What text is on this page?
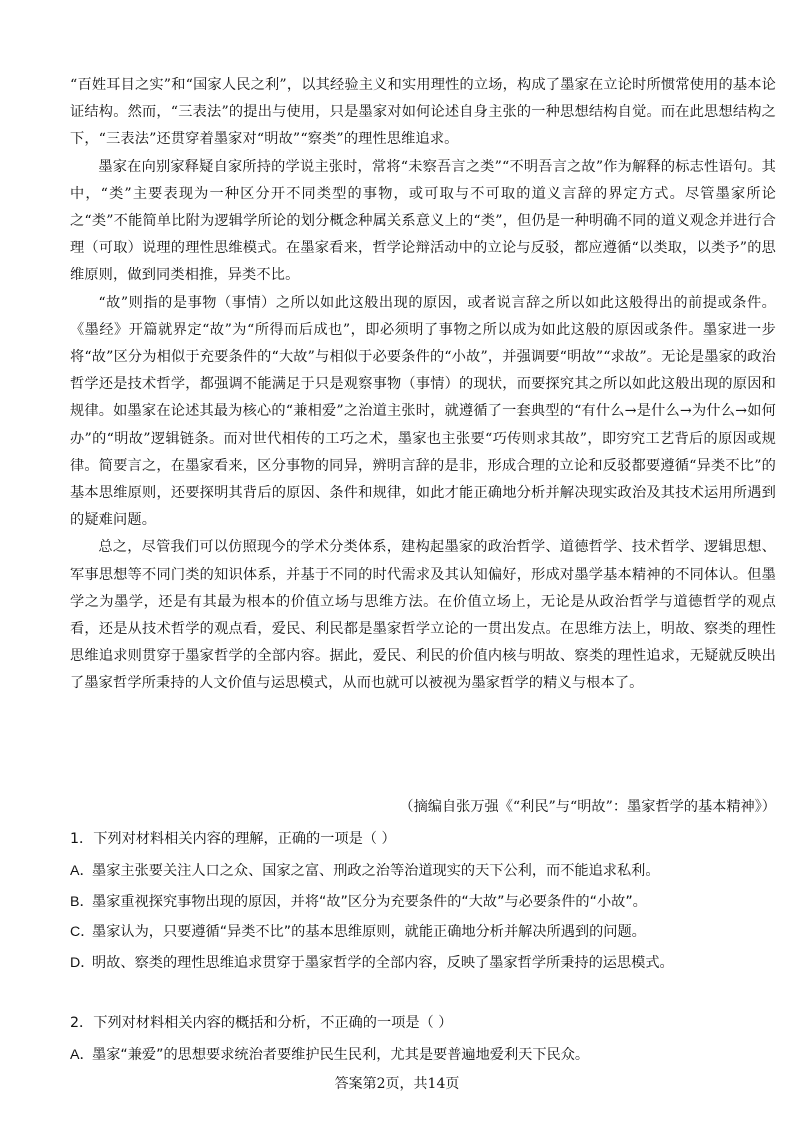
“百姓耳目之实”和“国家人民之利”，以其经验主义和实用理性的立场，构成了墨家在立论时所惯常使用的基本论证结构。然而，“三表法”的提出与使用，只是墨家对如何论述自身主张的一种思想结构自觉。而在此思想结构之下，“三表法”还贯穿着墨家对“明故”“察类”的理性思维追求。

墨家在向别家释疑自家所持的学说主张时，常将“未察吾言之类”“不明吾言之故”作为解释的标志性语句。其中，“类”主要表现为一种区分开不同类型的事物，或可取与不可取的道义言辞的界定方式。尽管墨家所论之“类”不能简单比附为逻辑学所论的划分概念种属关系意义上的“类”，但仍是一种明确不同的道义观念并进行合理（可取）说理的理性思维模式。在墨家看来，哲学论辩活动中的立论与反驳，都应遵循“以类取，以类予”的思维原则，做到同类相推，异类不比。

“故”则指的是事物（事情）之所以如此这般出现的原因，或者说言辞之所以如此这般得出的前提或条件。《墨经》开篇就界定“故”为“所得而后成也”，即必须明了事物之所以成为如此这般的原因或条件。墨家进一步将“故”区分为相似于充要条件的“大故”与相似于必要条件的“小故”，并强调要“明故”“求故”。无论是墨家的政治哲学还是技术哲学，都强调不能满足于只是观察事物（事情）的现状，而要探究其之所以如此这般出现的原因和规律。如墨家在论述其最为核心的“兼相爱”之治道主张时，就遵循了一套典型的“有什么→是什么→为什么→如何办”的“明故”逻辑链条。而对世代相传的工巧之术，墨家也主张要“巧传则求其故”，即穷究工艺背后的原因或规律。简要言之，在墨家看来，区分事物的同异，辨明言辞的是非，形成合理的立论和反驳都要遵循“异类不比”的基本思维原则，还要探明其背后的原因、条件和规律，如此才能正确地分析并解决现实政治及其技术运用所遇到的疑难问题。

总之，尽管我们可以仿照现今的学术分类体系，建构起墨家的政治哲学、道德哲学、技术哲学、逻辑思想、军事思想等不同门类的知识体系，并基于不同的时代需求及其认知偏好，形成对墨学基本精神的不同体认。但墨学之为墨学，还是有其最为根本的价值立场与思维方法。在价值立场上，无论是从政治哲学与道德哲学的观点看，还是从技术哲学的观点看，爱民、利民都是墨家哲学立论的一贯出发点。在思维方法上，明故、察类的理性思维追求则贯穿于墨家哲学的全部内容。据此，爱民、利民的价值内核与明故、察类的理性追求，无疑就反映出了墨家哲学所秉持的人文价值与运思模式，从而也就可以被视为墨家哲学的精义与根本了。

（摘编自张万强《“利民”与“明故”：墨家哲学的基本精神》）

1．下列对材料相关内容的理解，正确的一项是（ ）

A．墨家主张要关注人口之众、国家之富、刑政之治等治道现实的天下公利，而不能追求私利。

B．墨家重视探究事物出现的原因，并将“故”区分为充要条件的“大故”与必要条件的“小故”。

C．墨家认为，只要遵循“异类不比”的基本思维原则，就能正确地分析并解决所遇到的问题。

D．明故、察类的理性思维追求贯穿于墨家哲学的全部内容，反映了墨家哲学所秉持的运思模式。

2．下列对材料相关内容的概括和分析，不正确的一项是（ ）

A．墨家“兼爱”的思想要求统治者要维护民生民利，尤其是要普遍地爱利天下民众。

答案第2页，共14页
